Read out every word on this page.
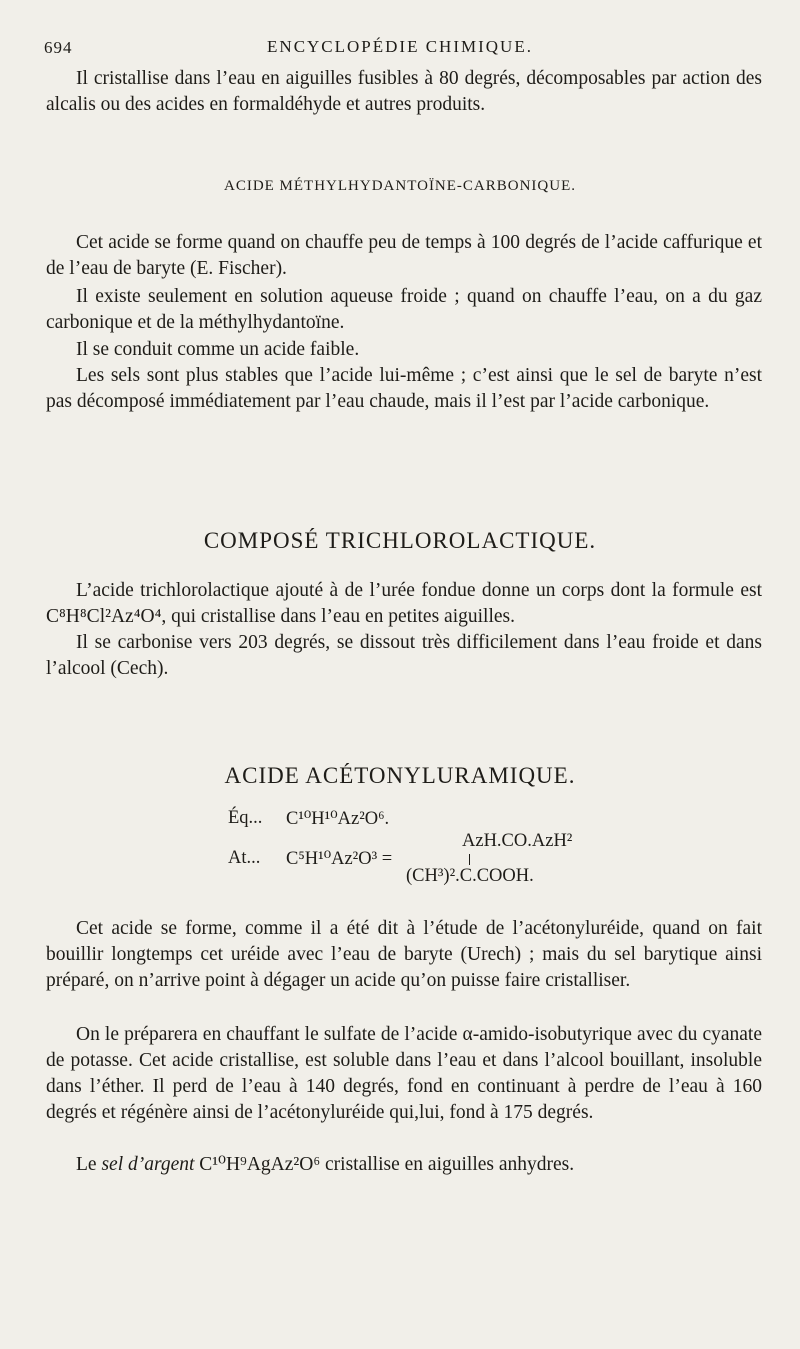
694	ENCYCLOPÉDIE CHIMIQUE.

Il cristallise dans l’eau en aiguilles fusibles à 80 degrés, décomposables par action des alcalis ou des acides en formaldéhyde et autres produits.

ACIDE MÉTHYLHYDANTOÏNE-CARBONIQUE.

Cet acide se forme quand on chauffe peu de temps à 100 degrés de l’acide caffurique et de l’eau de baryte (E. Fischer).

Il existe seulement en solution aqueuse froide ; quand on chauffe l’eau, on a du gaz carbonique et de la méthylhydantoïne.

Il se conduit comme un acide faible.

Les sels sont plus stables que l’acide lui-même ; c’est ainsi que le sel de baryte n’est pas décomposé immédiatement par l’eau chaude, mais il l’est par l’acide carbonique.

COMPOSÉ TRICHLOROLACTIQUE.

L’acide trichlorolactique ajouté à de l’urée fondue donne un corps dont la formule est C⁸H⁸Cl²Az⁴O⁴, qui cristallise dans l’eau en petites aiguilles.

Il se carbonise vers 203 degrés, se dissout très difficilement dans l’eau froide et dans l’alcool (Cech).

ACIDE ACÉTONYLURAMIQUE.
Éq... C¹⁰H¹⁰Az²O⁶.
AzH.CO.AzH²
At... C⁵H¹⁰Az²O³ =
(CH³)².C.COOH.

Cet acide se forme, comme il a été dit à l’étude de l’acétonyluréide, quand on fait bouillir longtemps cet uréide avec l’eau de baryte (Urech) ; mais du sel barytique ainsi préparé, on n’arrive point à dégager un acide qu’on puisse faire cristalliser.

On le préparera en chauffant le sulfate de l’acide α-amido-isobutyrique avec du cyanate de potasse. Cet acide cristallise, est soluble dans l’eau et dans l’alcool bouillant, insoluble dans l’éther. Il perd de l’eau à 140 degrés, fond en continuant à perdre de l’eau à 160 degrés et régénère ainsi de l’acétonyluréide qui,lui, fond à 175 degrés.

Le sel d’argent C¹⁰H⁹AgAz²O⁶ cristallise en aiguilles anhydres.
